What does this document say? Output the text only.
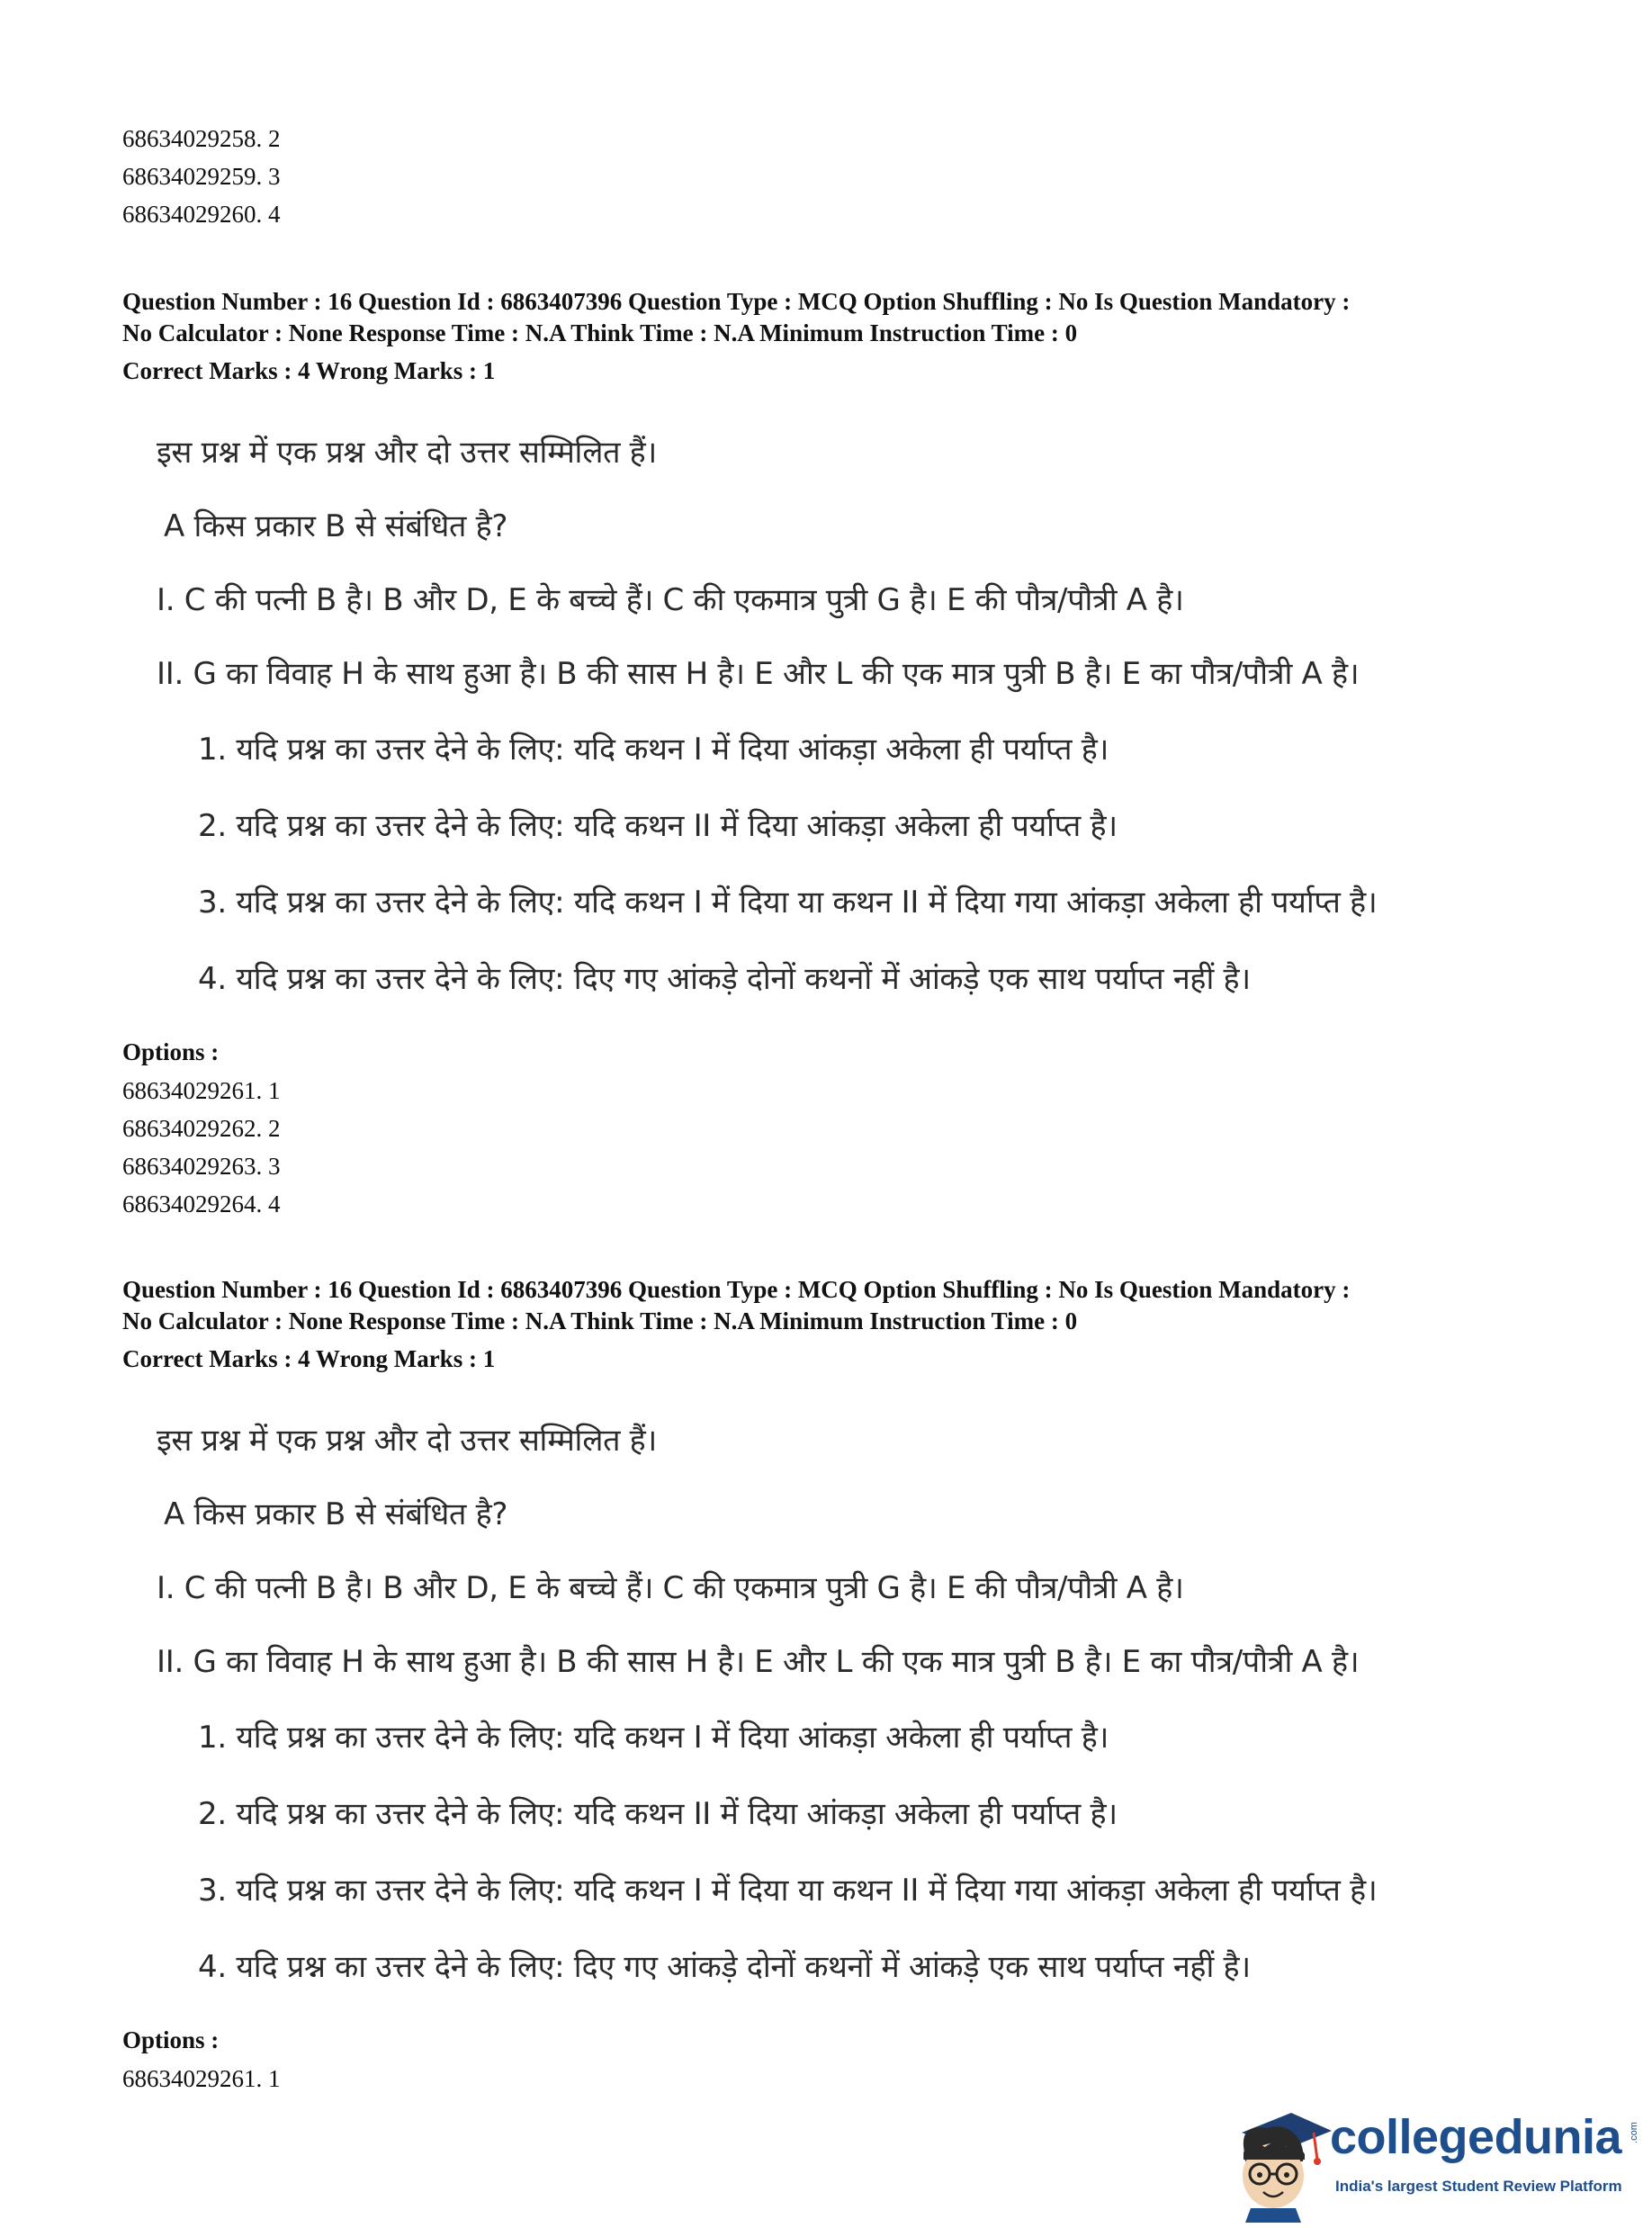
68634029258. 2

68634029259. 3

68634029260. 4

Question Number : 16 Question Id : 6863407396 Question Type : MCQ Option Shuffling : No Is Question Mandatory :

No Calculator : None Response Time : N.A Think Time : N.A Minimum Instruction Time : 0

Correct Marks : 4 Wrong Marks : 1

इस प्रश्न में एक प्रश्न और दो उत्तर सम्मिलित हैं।

A किस प्रकार B से संबंधित है?

I. C की पत्नी B है। B और D, E के बच्चे हैं। C की एकमात्र पुत्री G है। E की पौत्र/पौत्री A है।

II. G का विवाह H के साथ हुआ है। B की सास H है। E और L की एक मात्र पुत्री B है। E का पौत्र/पौत्री A है।

1. यदि प्रश्न का उत्तर देने के लिए: यदि कथन I में दिया आंकड़ा अकेला ही पर्याप्त है।

2. यदि प्रश्न का उत्तर देने के लिए: यदि कथन II में दिया आंकड़ा अकेला ही पर्याप्त है।

3. यदि प्रश्न का उत्तर देने के लिए: यदि कथन I में दिया या कथन II में दिया गया आंकड़ा अकेला ही पर्याप्त है।

4. यदि प्रश्न का उत्तर देने के लिए: दिए गए आंकड़े दोनों कथनों में आंकड़े एक साथ पर्याप्त नहीं है।

Options :

68634029261. 1

68634029262. 2

68634029263. 3

68634029264. 4

Question Number : 16 Question Id : 6863407396 Question Type : MCQ Option Shuffling : No Is Question Mandatory :

No Calculator : None Response Time : N.A Think Time : N.A Minimum Instruction Time : 0

Correct Marks : 4 Wrong Marks : 1

इस प्रश्न में एक प्रश्न और दो उत्तर सम्मिलित हैं।

A किस प्रकार B से संबंधित है?

I. C की पत्नी B है। B और D, E के बच्चे हैं। C की एकमात्र पुत्री G है। E की पौत्र/पौत्री A है।

II. G का विवाह H के साथ हुआ है। B की सास H है। E और L की एक मात्र पुत्री B है। E का पौत्र/पौत्री A है।

1. यदि प्रश्न का उत्तर देने के लिए: यदि कथन I में दिया आंकड़ा अकेला ही पर्याप्त है।

2. यदि प्रश्न का उत्तर देने के लिए: यदि कथन II में दिया आंकड़ा अकेला ही पर्याप्त है।

3. यदि प्रश्न का उत्तर देने के लिए: यदि कथन I में दिया या कथन II में दिया गया आंकड़ा अकेला ही पर्याप्त है।

4. यदि प्रश्न का उत्तर देने के लिए: दिए गए आंकड़े दोनों कथनों में आंकड़े एक साथ पर्याप्त नहीं है।

Options :

68634029261. 1

collegedunia
India's largest Student Review Platform
.com
